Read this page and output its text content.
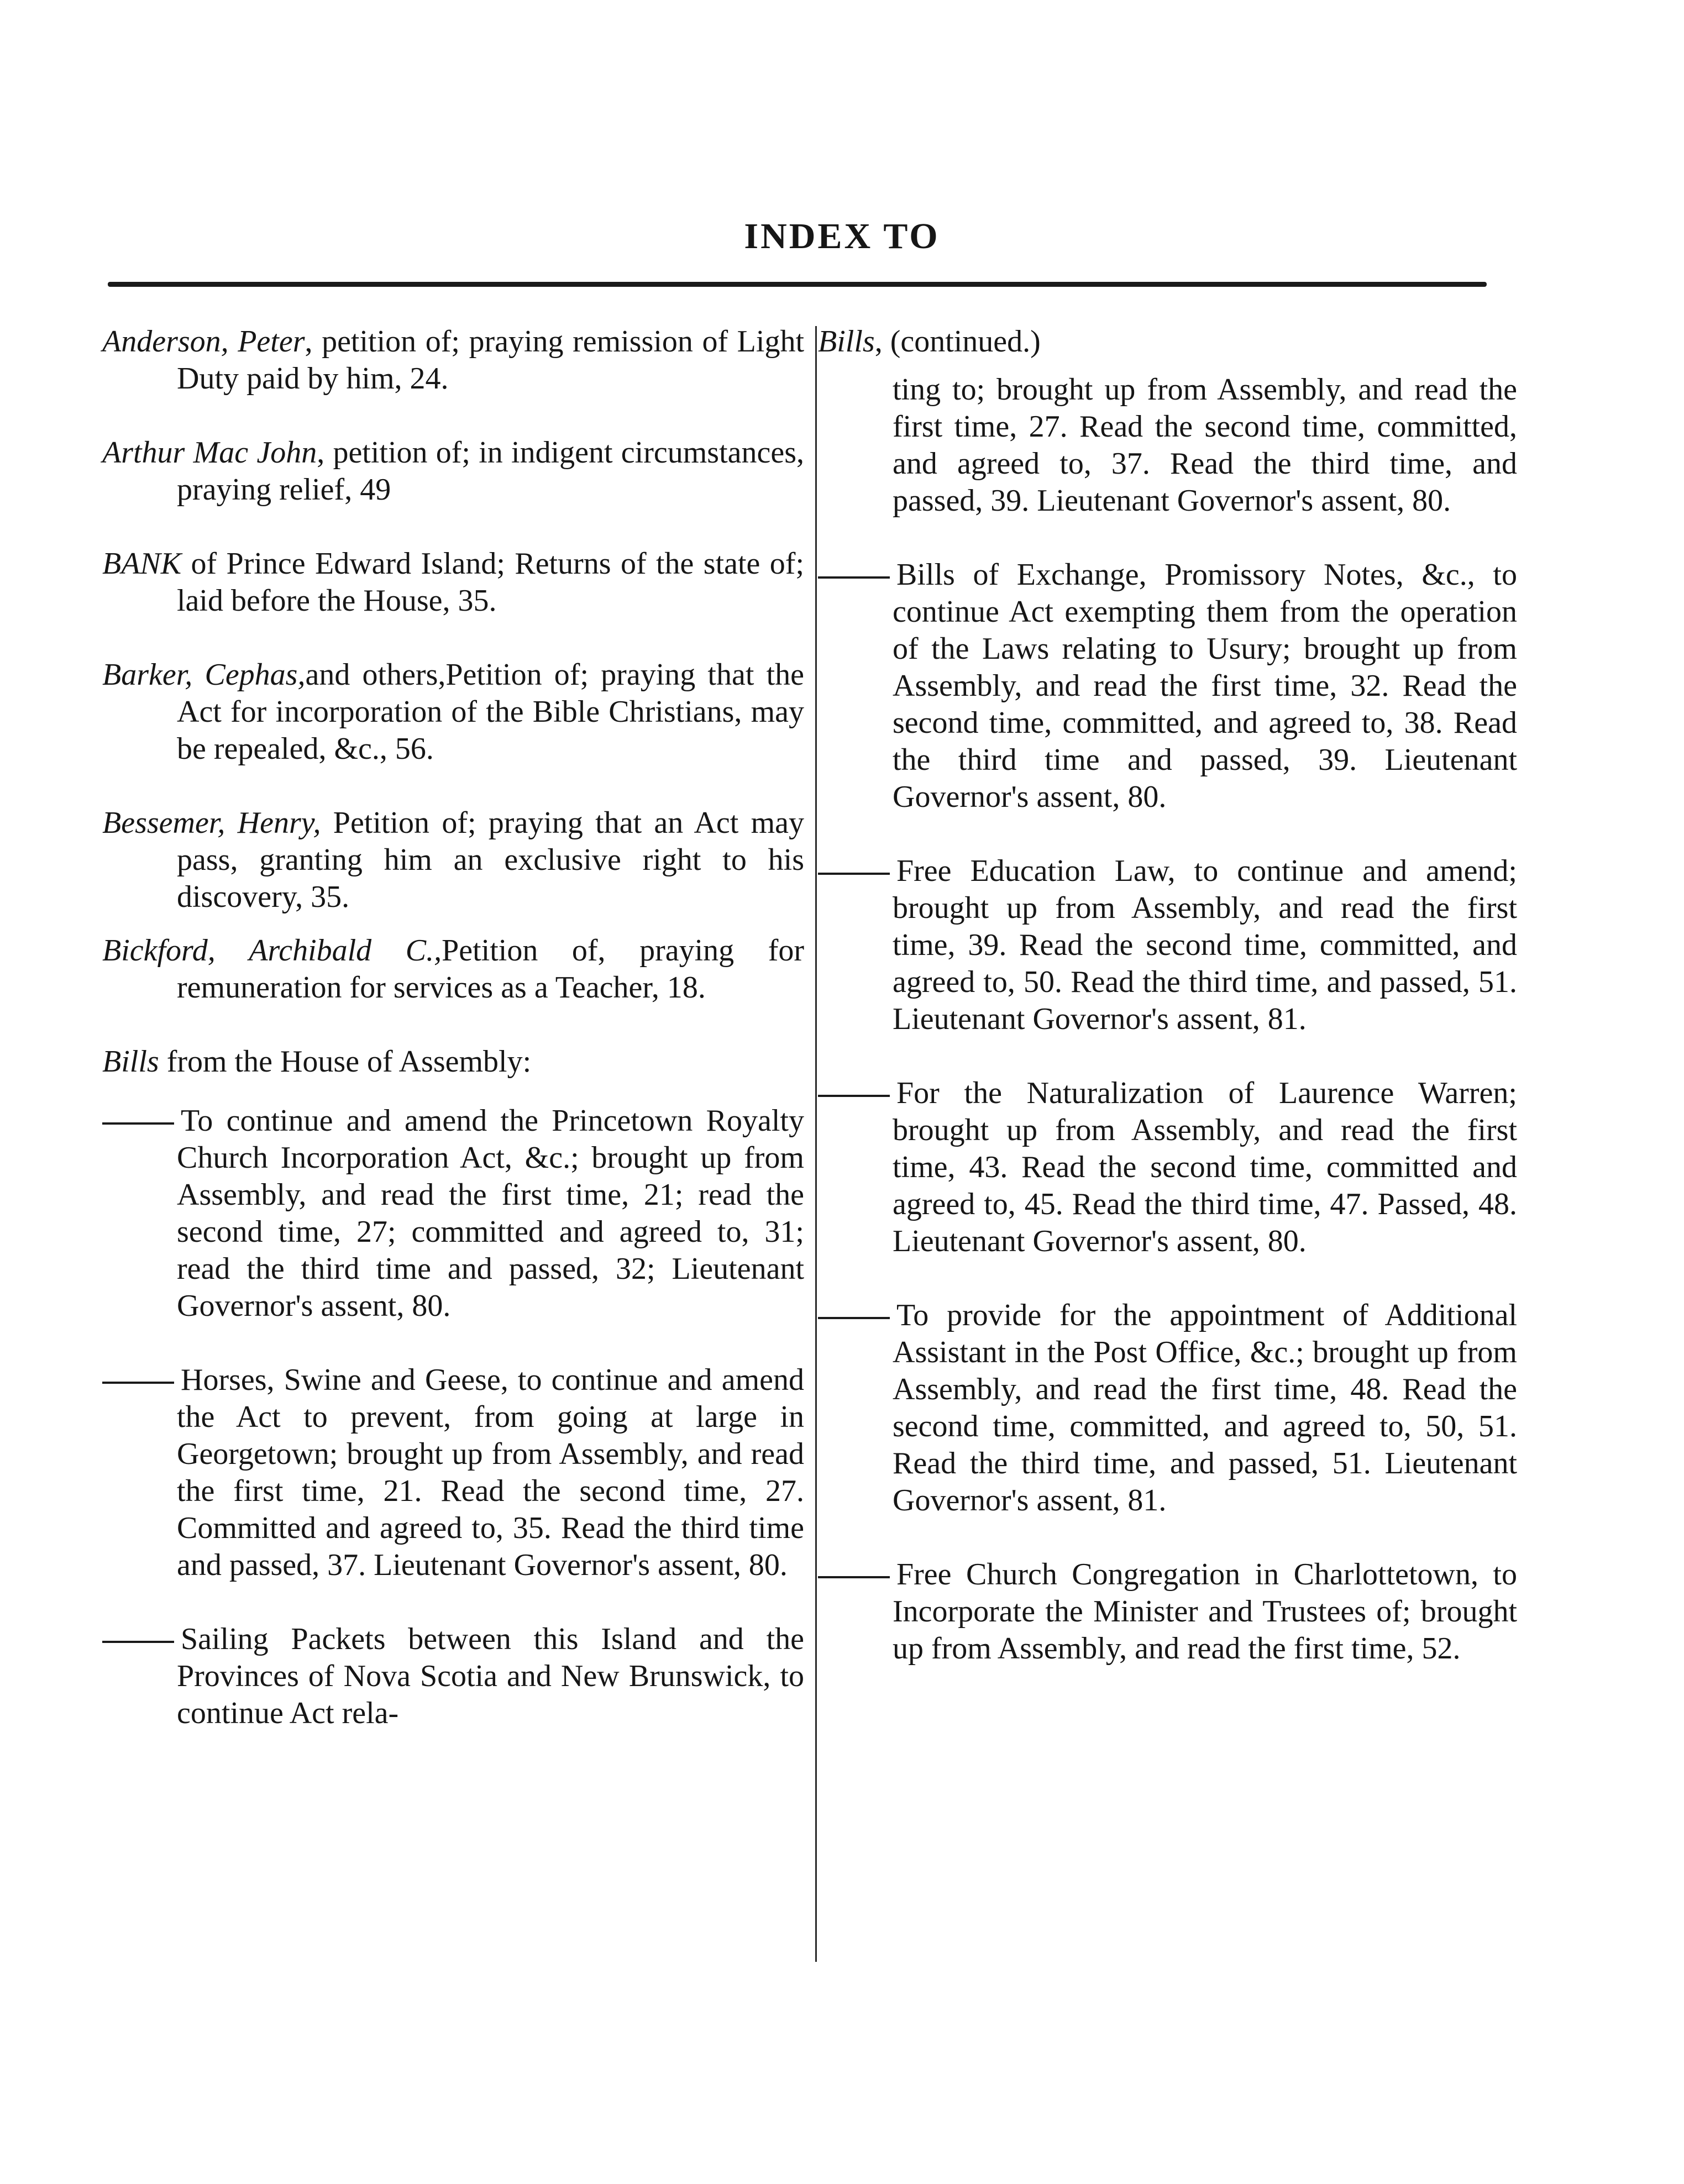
INDEX TO

Anderson, Peter, petition of; praying remission of Light Duty paid by him, 24.

Arthur Mac John, petition of; in indigent circumstances, praying relief, 49

BANK of Prince Edward Island; Returns of the state of; laid before the House, 35.

Barker, Cephas,and others,Petition of; praying that the Act for incorporation of the Bible Christians, may be repealed, &c., 56.

Bessemer, Henry, Petition of; praying that an Act may pass, granting him an exclusive right to his discovery, 35.

Bickford, Archibald C.,Petition of, praying for remuneration for services as a Teacher, 18.

Bills from the House of Assembly:

To continue and amend the Princetown Royalty Church Incorporation Act, &c.; brought up from Assembly, and read the first time, 21; read the second time, 27; committed and agreed to, 31; read the third time and passed, 32; Lieutenant Governor's assent, 80.

Horses, Swine and Geese, to continue and amend the Act to prevent, from going at large in Georgetown; brought up from Assembly, and read the first time, 21. Read the second time, 27. Committed and agreed to, 35. Read the third time and passed, 37. Lieutenant Governor's assent, 80.

Sailing Packets between this Island and the Provinces of Nova Scotia and New Brunswick, to continue Act rela-

Bills, (continued.)

ting to; brought up from Assembly, and read the first time, 27. Read the second time, committed, and agreed to, 37. Read the third time, and passed, 39. Lieutenant Governor's assent, 80.

Bills of Exchange, Promissory Notes, &c., to continue Act exempting them from the operation of the Laws relating to Usury; brought up from Assembly, and read the first time, 32. Read the second time, committed, and agreed to, 38. Read the third time and passed, 39. Lieutenant Governor's assent, 80.

Free Education Law, to continue and amend; brought up from Assembly, and read the first time, 39. Read the second time, committed, and agreed to, 50. Read the third time, and passed, 51. Lieutenant Governor's assent, 81.

For the Naturalization of Laurence Warren; brought up from Assembly, and read the first time, 43. Read the second time, committed and agreed to, 45. Read the third time, 47. Passed, 48. Lieutenant Governor's assent, 80.

To provide for the appointment of Additional Assistant in the Post Office, &c.; brought up from Assembly, and read the first time, 48. Read the second time, committed, and agreed to, 50, 51. Read the third time, and passed, 51. Lieutenant Governor's assent, 81.

Free Church Congregation in Charlottetown, to Incorporate the Minister and Trustees of; brought up from Assembly, and read the first time, 52.
